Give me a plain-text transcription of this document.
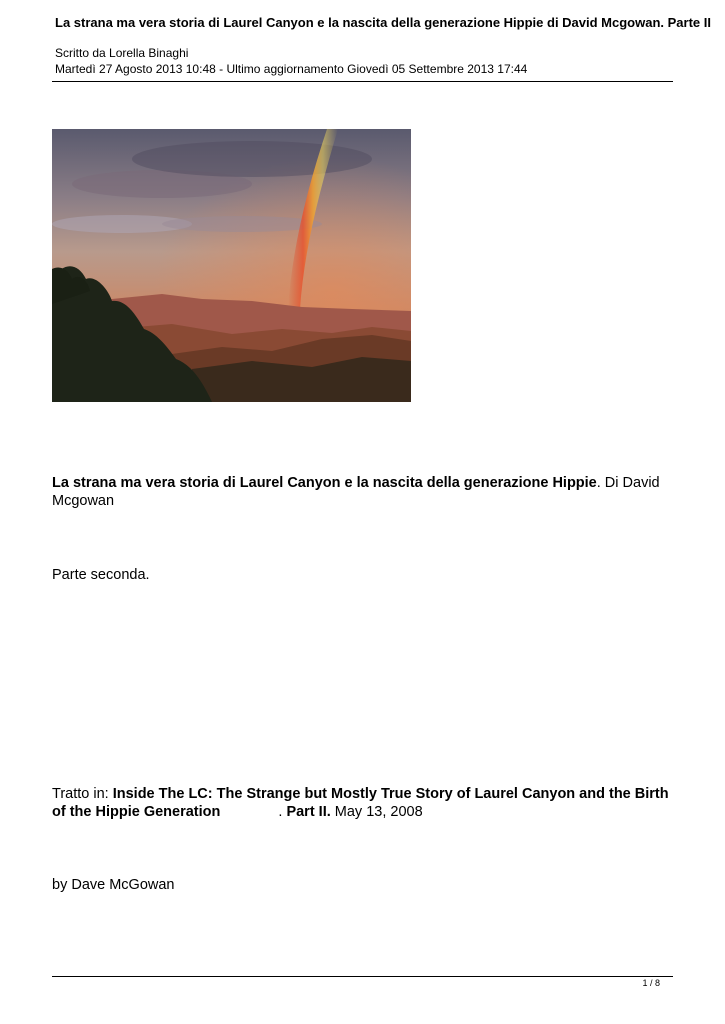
La strana ma vera storia di Laurel Canyon e la nascita della generazione Hippie di David Mcgowan. Parte II
Scritto da Lorella Binaghi
Martedì 27 Agosto 2013 10:48 - Ultimo aggiornamento Giovedì 05 Settembre 2013 17:44
La strana ma vera storia di Laurel Canyon e la nascita della generazione Hippie. Di David Mcgowan
Parte seconda.
Tratto in: Inside The LC: The Strange but Mostly True Story of Laurel Canyon and the Birth of the Hippie Generation	. Part II. May 13, 2008
by Dave McGowan
1 / 8
